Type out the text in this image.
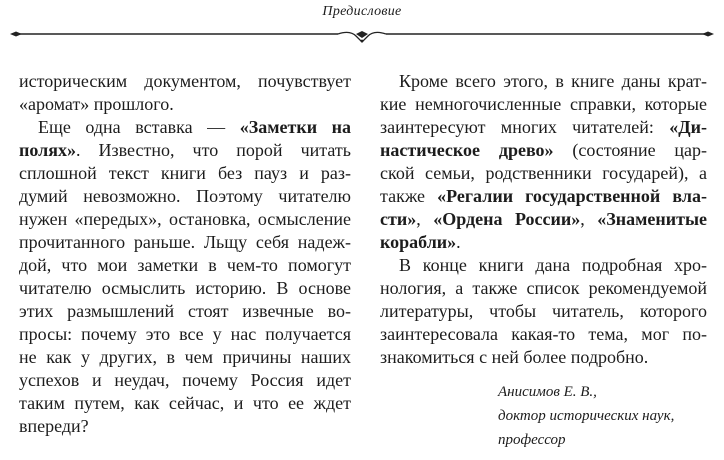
Предисловие
историческим документом, почувствует
«аромат» прошлого.
Еще одна вставка — «Заметки на
полях». Известно, что порой читать
сплошной текст книги без пауз и раз-
думий невозможно. Поэтому читателю
нужен «передых», остановка, осмысление
прочитанного раньше. Льщу себя надеж-
дой, что мои заметки в чем-то помогут
читателю осмыслить историю. В основе
этих размышлений стоят извечные во-
просы: почему это все у нас получается
не как у других, в чем причины наших
успехов и неудач, почему Россия идет
таким путем, как сейчас, и что ее ждет
впереди?
Кроме всего этого, в книге даны крат-
кие немногочисленные справки, которые
заинтересуют многих читателей: «Ди-
настическое древо» (состояние цар-
ской семьи, родственники государей), а
также «Регалии государственной вла-
сти», «Ордена России», «Знаменитые
корабли».
В конце книги дана подробная хро-
нология, а также список рекомендуемой
литературы, чтобы читатель, которого
заинтересовала какая-то тема, мог по-
знакомиться с ней более подробно.
Анисимов Е. В.,
доктор исторических наук,
профессор
